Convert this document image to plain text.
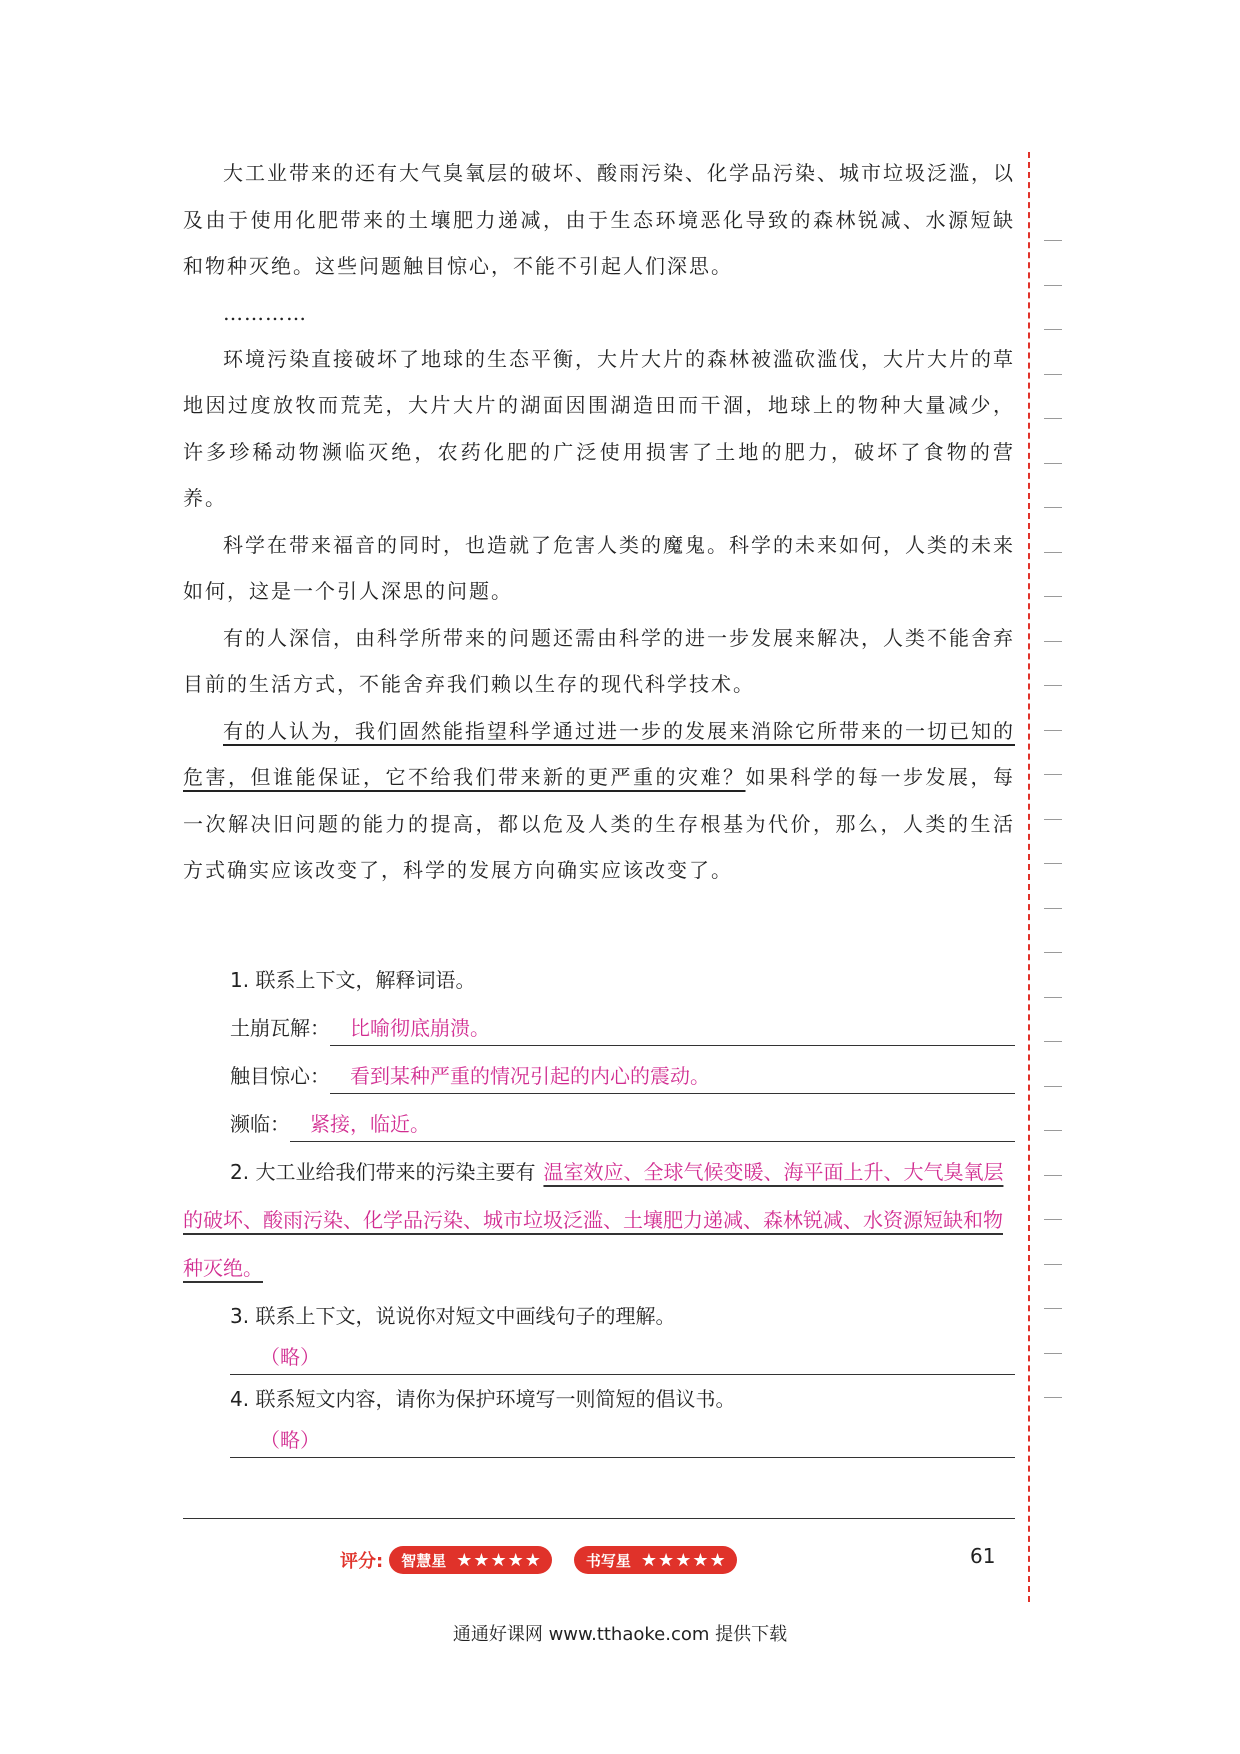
大工业带来的还有大气臭氧层的破坏、酸雨污染、化学品污染、城市垃圾泛滥，以及由于使用化肥带来的土壤肥力递减，由于生态环境恶化导致的森林锐减、水源短缺和物种灭绝。这些问题触目惊心，不能不引起人们深思。

…………

环境污染直接破坏了地球的生态平衡，大片大片的森林被滥砍滥伐，大片大片的草地因过度放牧而荒芜，大片大片的湖面因围湖造田而干涸，地球上的物种大量减少，许多珍稀动物濒临灭绝，农药化肥的广泛使用损害了土地的肥力，破坏了食物的营养。

科学在带来福音的同时，也造就了危害人类的魔鬼。科学的未来如何，人类的未来如何，这是一个引人深思的问题。

有的人深信，由科学所带来的问题还需由科学的进一步发展来解决，人类不能舍弃目前的生活方式，不能舍弃我们赖以生存的现代科学技术。

有的人认为，我们固然能指望科学通过进一步的发展来消除它所带来的一切已知的危害，但谁能保证，它不给我们带来新的更严重的灾难？如果科学的每一步发展，每一次解决旧问题的能力的提高，都以危及人类的生存根基为代价，那么，人类的生活方式确实应该改变了，科学的发展方向确实应该改变了。

1. 联系上下文，解释词语。
土崩瓦解：	比喻彻底崩溃。
触目惊心：	看到某种严重的情况引起的内心的震动。
濒临：	紧接，临近。
2. 大工业给我们带来的污染主要有 温室效应、全球气候变暖、海平面上升、大气臭氧层的破坏、酸雨污染、化学品污染、城市垃圾泛滥、土壤肥力递减、森林锐减、水资源短缺和物种灭绝。
3. 联系上下文，说说你对短文中画线句子的理解。
（略）
4. 联系短文内容，请你为保护环境写一则简短的倡议书。
（略）
评分: 智慧星 ★★★★★	书写星 ★★★★★	61
通通好课网 www.tthaoke.com 提供下载
